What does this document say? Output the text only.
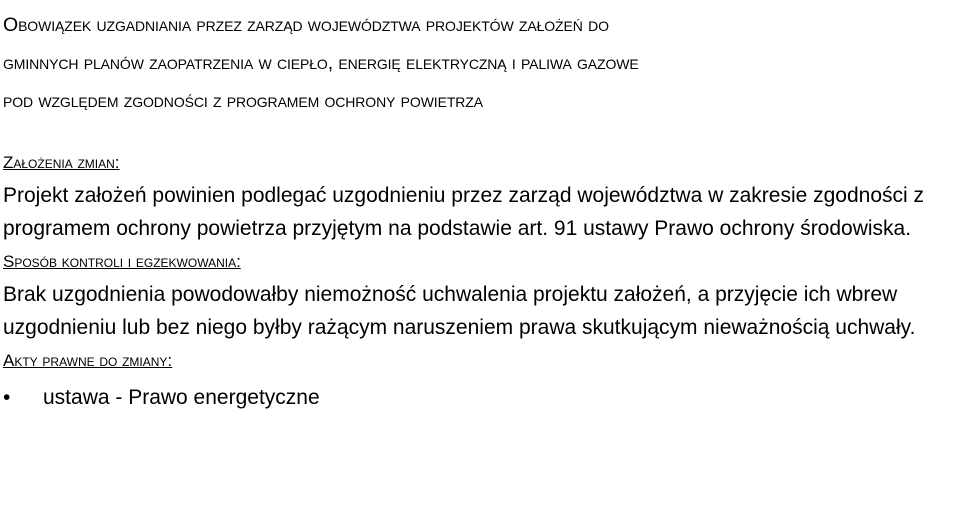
Obowiązek uzgadniania przez zarząd województwa projektów założeń do
gminnych planów zaopatrzenia w ciepło, energię elektryczną i paliwa gazowe
pod względem zgodności z programem ochrony powietrza
Założenia zmian:

Projekt założeń powinien podlegać uzgodnieniu przez zarząd województwa w zakresie zgodności z programem ochrony powietrza przyjętym na podstawie art. 91 ustawy Prawo ochrony środowiska.

Sposób kontroli i egzekwowania:

Brak uzgodnienia powodowałby niemożność uchwalenia projektu założeń, a przyjęcie ich wbrew uzgodnieniu lub bez niego byłby rażącym naruszeniem prawa skutkującym nieważnością uchwały.

Akty prawne do zmiany:
• ustawa - Prawo energetyczne
